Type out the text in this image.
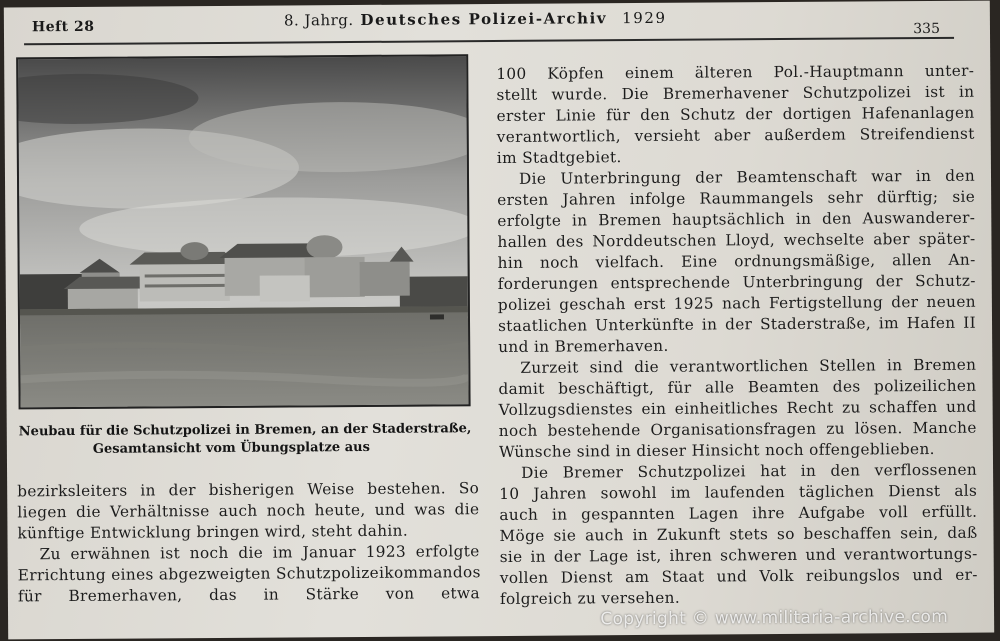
Heft 28	8. Jahrg. Deutsches Polizei-Archiv 1929
335
Neubau für die Schutzpolizei in Bremen, an der Staderstraße,
Gesamtansicht vom Übungsplatze aus
bezirksleiters in der bisherigen Weise bestehen. So
liegen die Verhältnisse auch noch heute, und was die
künftige Entwicklung bringen wird, steht dahin.
Zu erwähnen ist noch die im Januar 1923 erfolgte
Errichtung eines abgezweigten Schutzpolizeikommandos
für Bremerhaven, das in Stärke von etwa
100 Köpfen einem älteren Pol.-Hauptmann unter-
stellt wurde. Die Bremerhavener Schutzpolizei ist in
erster Linie für den Schutz der dortigen Hafenanlagen
verantwortlich, versieht aber außerdem Streifendienst
im Stadtgebiet.
Die Unterbringung der Beamtenschaft war in den
ersten Jahren infolge Raummangels sehr dürftig; sie
erfolgte in Bremen hauptsächlich in den Auswanderer-
hallen des Norddeutschen Lloyd, wechselte aber später-
hin noch vielfach. Eine ordnungsmäßige, allen An-
forderungen entsprechende Unterbringung der Schutz-
polizei geschah erst 1925 nach Fertigstellung der neuen
staatlichen Unterkünfte in der Staderstraße, im Hafen II
und in Bremerhaven.
Zurzeit sind die verantwortlichen Stellen in Bremen
damit beschäftigt, für alle Beamten des polizeilichen
Vollzugsdienstes ein einheitliches Recht zu schaffen und
noch bestehende Organisationsfragen zu lösen. Manche
Wünsche sind in dieser Hinsicht noch offengeblieben.
Die Bremer Schutzpolizei hat in den verflossenen
10 Jahren sowohl im laufenden täglichen Dienst als
auch in gespannten Lagen ihre Aufgabe voll erfüllt.
Möge sie auch in Zukunft stets so beschaffen sein, daß
sie in der Lage ist, ihren schweren und verantwortungs-
vollen Dienst am Staat und Volk reibungslos und er-
folgreich zu versehen.
Copyright © www.militaria-archive.com
